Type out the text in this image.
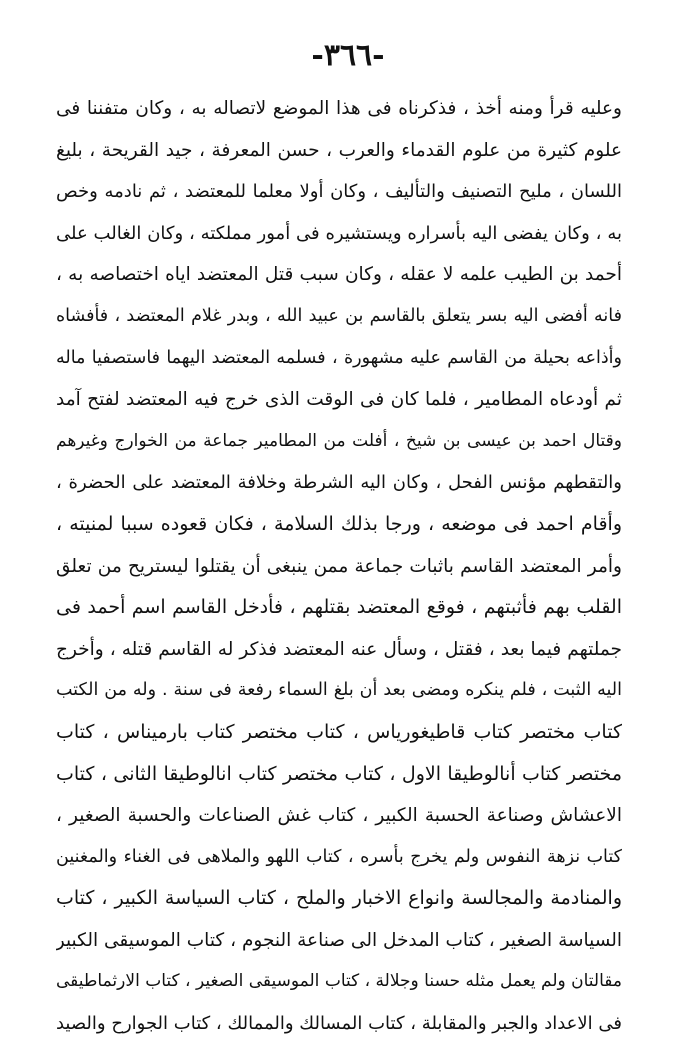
-٣٦٦-
وعليه قرأ ومنه أخذ ، فذكرناه فى هذا الموضع لاتصاله به ، وكان متفننا فى
علوم كثيرة من علوم القدماء والعرب ، حسن المعرفة ، جيد القريحة ، بليغ
اللسان ، مليح التصنيف والتأليف ، وكان أولا معلما للمعتضد ، ثم نادمه وخص
به ، وكان يفضى اليه بأسراره ويستشيره فى أمور مملكته ، وكان الغالب على
أحمد بن الطيب علمه لا عقله ، وكان سبب قتل المعتضد اياه اختصاصه به ،
فانه أفضى اليه بسر يتعلق بالقاسم بن عبيد الله ، وبدر غلام المعتضد ، فأفشاه
وأذاعه بحيلة من القاسم عليه مشهورة ، فسلمه المعتضد اليهما فاستصفيا ماله
ثم أودعاه المطامير ، فلما كان فى الوقت الذى خرج فيه المعتضد لفتح آمد
وقتال احمد بن عيسى بن شيخ ، أفلت من المطامير جماعة من الخوارج وغيرهم
والتقطهم مؤنس الفحل ، وكان اليه الشرطة وخلافة المعتضد على الحضرة ،
وأقام احمد فى موضعه ، ورجا بذلك السلامة ، فكان قعوده سببا لمنيته ،
وأمر المعتضد القاسم باثبات جماعة ممن ينبغى أن يقتلوا ليستريح من تعلق
القلب بهم فأثبتهم ، فوقع المعتضد بقتلهم ، فأدخل القاسم اسم أحمد فى
جملتهم فيما بعد ، فقتل ، وسأل عنه المعتضد فذكر له القاسم قتله ، وأخرج
اليه الثبت ، فلم ينكره ومضى بعد أن بلغ السماء رفعة فى سنة . وله من الكتب
كتاب مختصر كتاب قاطيغورياس ، كتاب مختصر كتاب بارميناس ، كتاب
مختصر كتاب أنالوطيقا الاول ، كتاب مختصر كتاب انالوطيقا الثانى ، كتاب
الاعشاش وصناعة الحسبة الكبير ، كتاب غش الصناعات والحسبة الصغير ،
كتاب نزهة النفوس ولم يخرج بأسره ، كتاب اللهو والملاهى فى الغناء والمغنين
والمنادمة والمجالسة وانواع الاخبار والملح ، كتاب السياسة الكبير ، كتاب
السياسة الصغير ، كتاب المدخل الى صناعة النجوم ، كتاب الموسيقى الكبير
مقالتان ولم يعمل مثله حسنا وجلالة ، كتاب الموسيقى الصغير ، كتاب الارثماطيقى
فى الاعداد والجبر والمقابلة ، كتاب المسالك والممالك ، كتاب الجوارح والصيد
